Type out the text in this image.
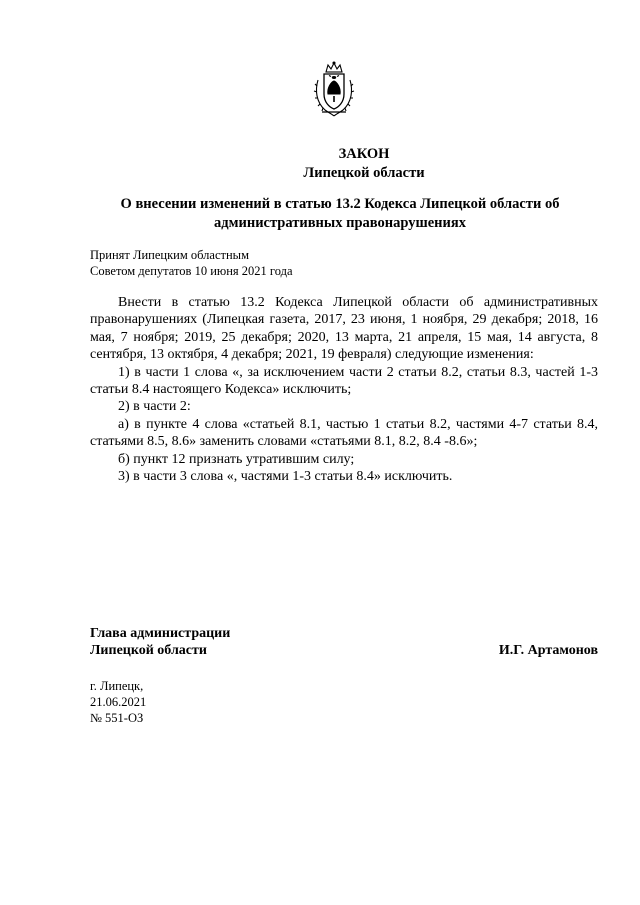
ЗАКОН
Липецкой области
О внесении изменений в статью 13.2 Кодекса Липецкой области об
административных правонарушениях
Принят Липецким областным
Советом депутатов 10 июня 2021 года

Внести в статью 13.2 Кодекса Липецкой области об административных правонарушениях (Липецкая газета, 2017, 23 июня, 1 ноября, 29 декабря; 2018, 16 мая, 7 ноября; 2019, 25 декабря; 2020, 13 марта, 21 апреля, 15 мая, 14 августа, 8 сентября, 13 октября, 4 декабря; 2021, 19 февраля) следующие изменения:

1) в части 1 слова «, за исключением части 2 статьи 8.2, статьи 8.3, частей 1-3 статьи 8.4 настоящего Кодекса» исключить;

2) в части 2:

а) в пункте 4 слова «статьей 8.1, частью 1 статьи 8.2, частями 4-7 статьи 8.4, статьями 8.5, 8.6» заменить словами «статьями 8.1, 8.2, 8.4 -8.6»;

б) пункт 12 признать утратившим силу;

3) в части 3 слова «, частями 1-3 статьи 8.4» исключить.

Глава администрации
Липецкой области	И.Г. Артамонов
г. Липецк,
21.06.2021
№ 551-ОЗ
